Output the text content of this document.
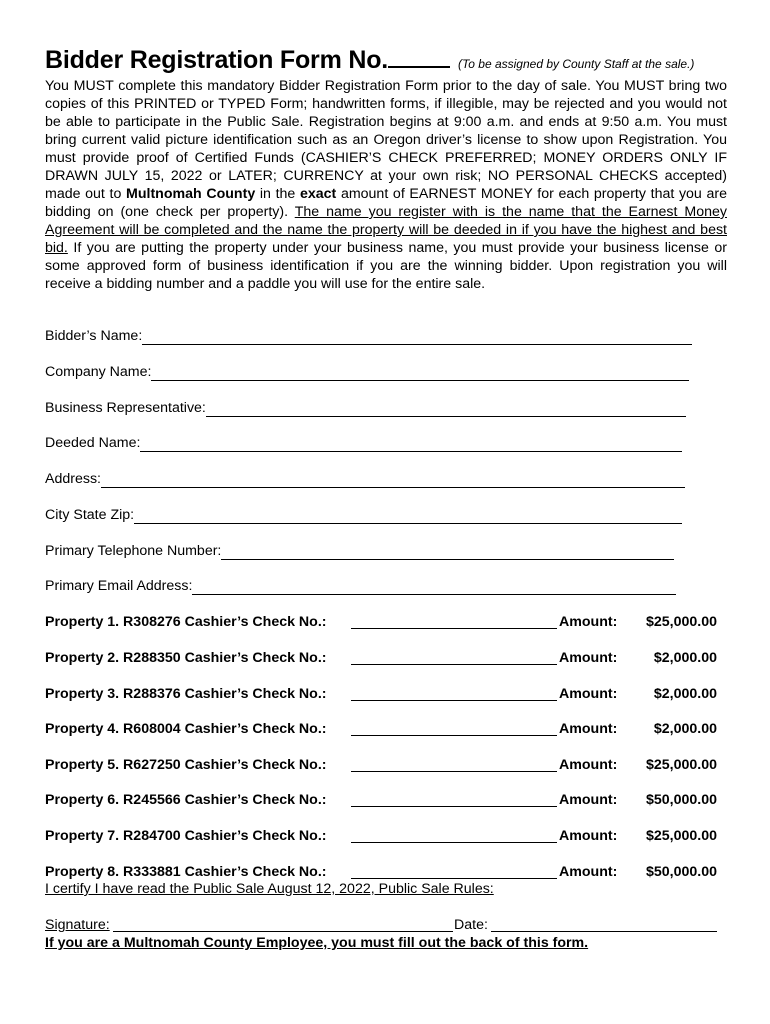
Bidder Registration Form No.	(To be assigned by County Staff at the sale.)
You MUST complete this mandatory Bidder Registration Form prior to the day of sale. You MUST bring two copies of this PRINTED or TYPED Form; handwritten forms, if illegible, may be rejected and you would not be able to participate in the Public Sale. Registration begins at 9:00 a.m. and ends at 9:50 a.m. You must bring current valid picture identification such as an Oregon driver’s license to show upon Registration. You must provide proof of Certified Funds (CASHIER’S CHECK PREFERRED; MONEY ORDERS ONLY IF DRAWN JULY 15, 2022 or LATER; CURRENCY at your own risk; NO PERSONAL CHECKS accepted) made out to Multnomah County in the exact amount of EARNEST MONEY for each property that you are bidding on (one check per property). The name you register with is the name that the Earnest Money Agreement will be completed and the name the property will be deeded in if you have the highest and best bid. If you are putting the property under your business name, you must provide your business license or some approved form of business identification if you are the winning bidder. Upon registration you will receive a bidding number and a paddle you will use for the entire sale.
Bidder’s Name:
Company Name:
Business Representative:
Deeded Name:
Address:
City State Zip:
Primary Telephone Number:
Primary Email Address:
Property 1. R308276 Cashier’s Check No.:	Amount: $25,000.00
Property 2. R288350 Cashier’s Check No.:	Amount:	$2,000.00
Property 3. R288376 Cashier’s Check No.:	Amount:	$2,000.00
Property 4. R608004 Cashier’s Check No.:	Amount:	$2,000.00
Property 5. R627250 Cashier’s Check No.:	Amount: $25,000.00
Property 6. R245566 Cashier’s Check No.:	Amount: $50,000.00
Property 7. R284700 Cashier’s Check No.:	Amount: $25,000.00
Property 8. R333881 Cashier’s Check No.:	Amount: $50,000.00
I certify I have read the Public Sale August 12, 2022, Public Sale Rules:
Signature:	Date:
If you are a Multnomah County Employee, you must fill out the back of this form.
